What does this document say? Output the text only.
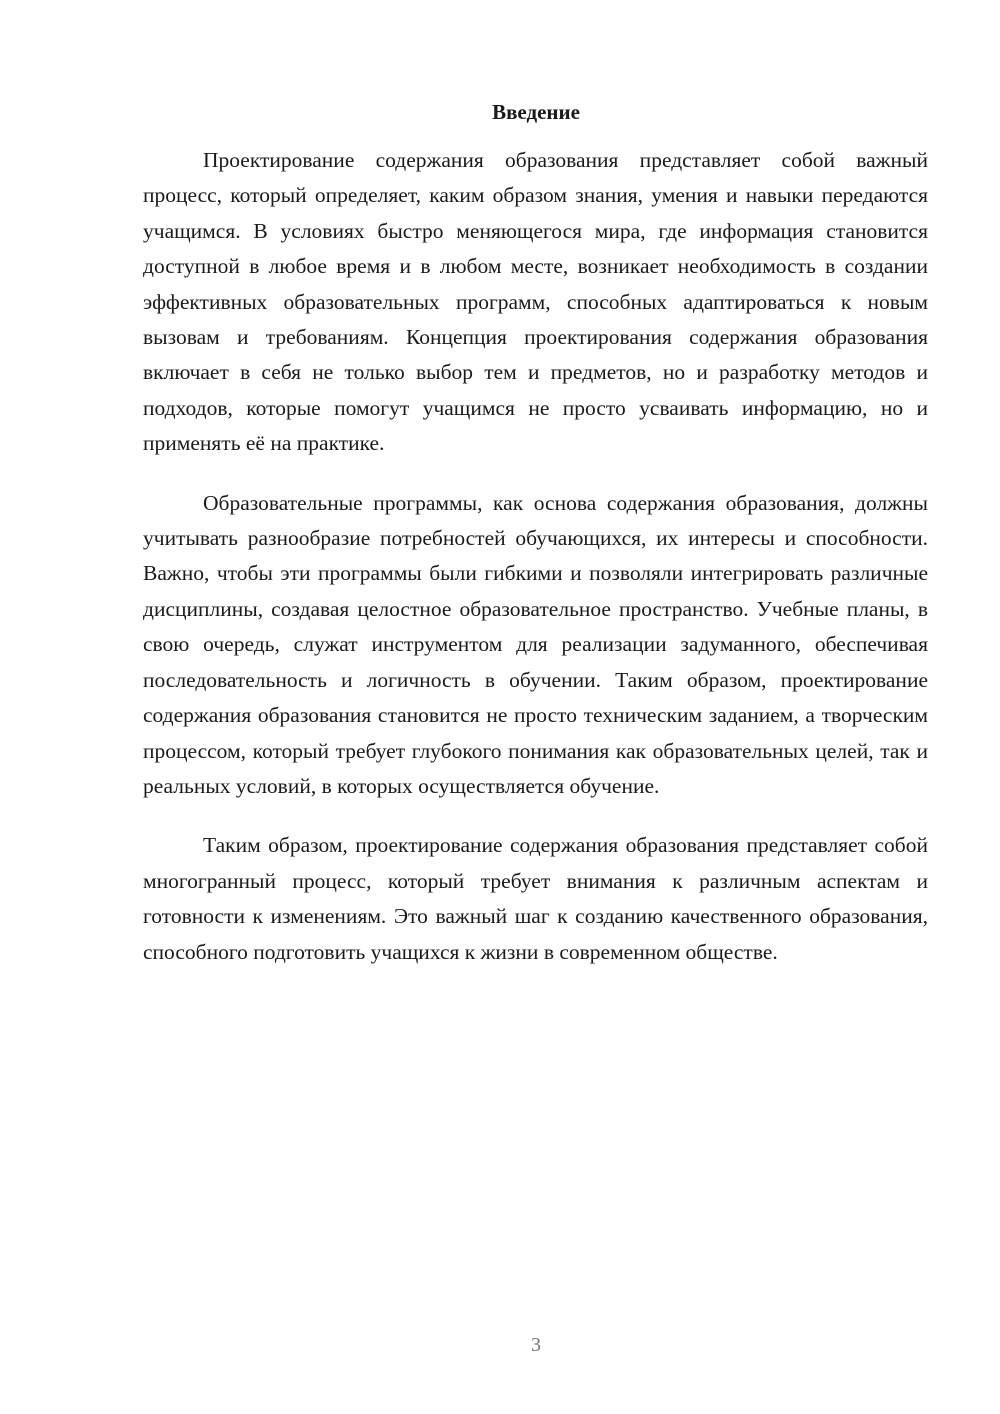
Введение

Проектирование содержания образования представляет собой важный процесс, который определяет, каким образом знания, умения и навыки передаются учащимся. В условиях быстро меняющегося мира, где информация становится доступной в любое время и в любом месте, возникает необходимость в создании эффективных образовательных программ, способных адаптироваться к новым вызовам и требованиям. Концепция проектирования содержания образования включает в себя не только выбор тем и предметов, но и разработку методов и подходов, которые помогут учащимся не просто усваивать информацию, но и применять её на практике.

Образовательные программы, как основа содержания образования, должны учитывать разнообразие потребностей обучающихся, их интересы и способности. Важно, чтобы эти программы были гибкими и позволяли интегрировать различные дисциплины, создавая целостное образовательное пространство. Учебные планы, в свою очередь, служат инструментом для реализации задуманного, обеспечивая последовательность и логичность в обучении. Таким образом, проектирование содержания образования становится не просто техническим заданием, а творческим процессом, который требует глубокого понимания как образовательных целей, так и реальных условий, в которых осуществляется обучение.

Таким образом, проектирование содержания образования представляет собой многогранный процесс, который требует внимания к различным аспектам и готовности к изменениям. Это важный шаг к созданию качественного образования, способного подготовить учащихся к жизни в современном обществе.

3
